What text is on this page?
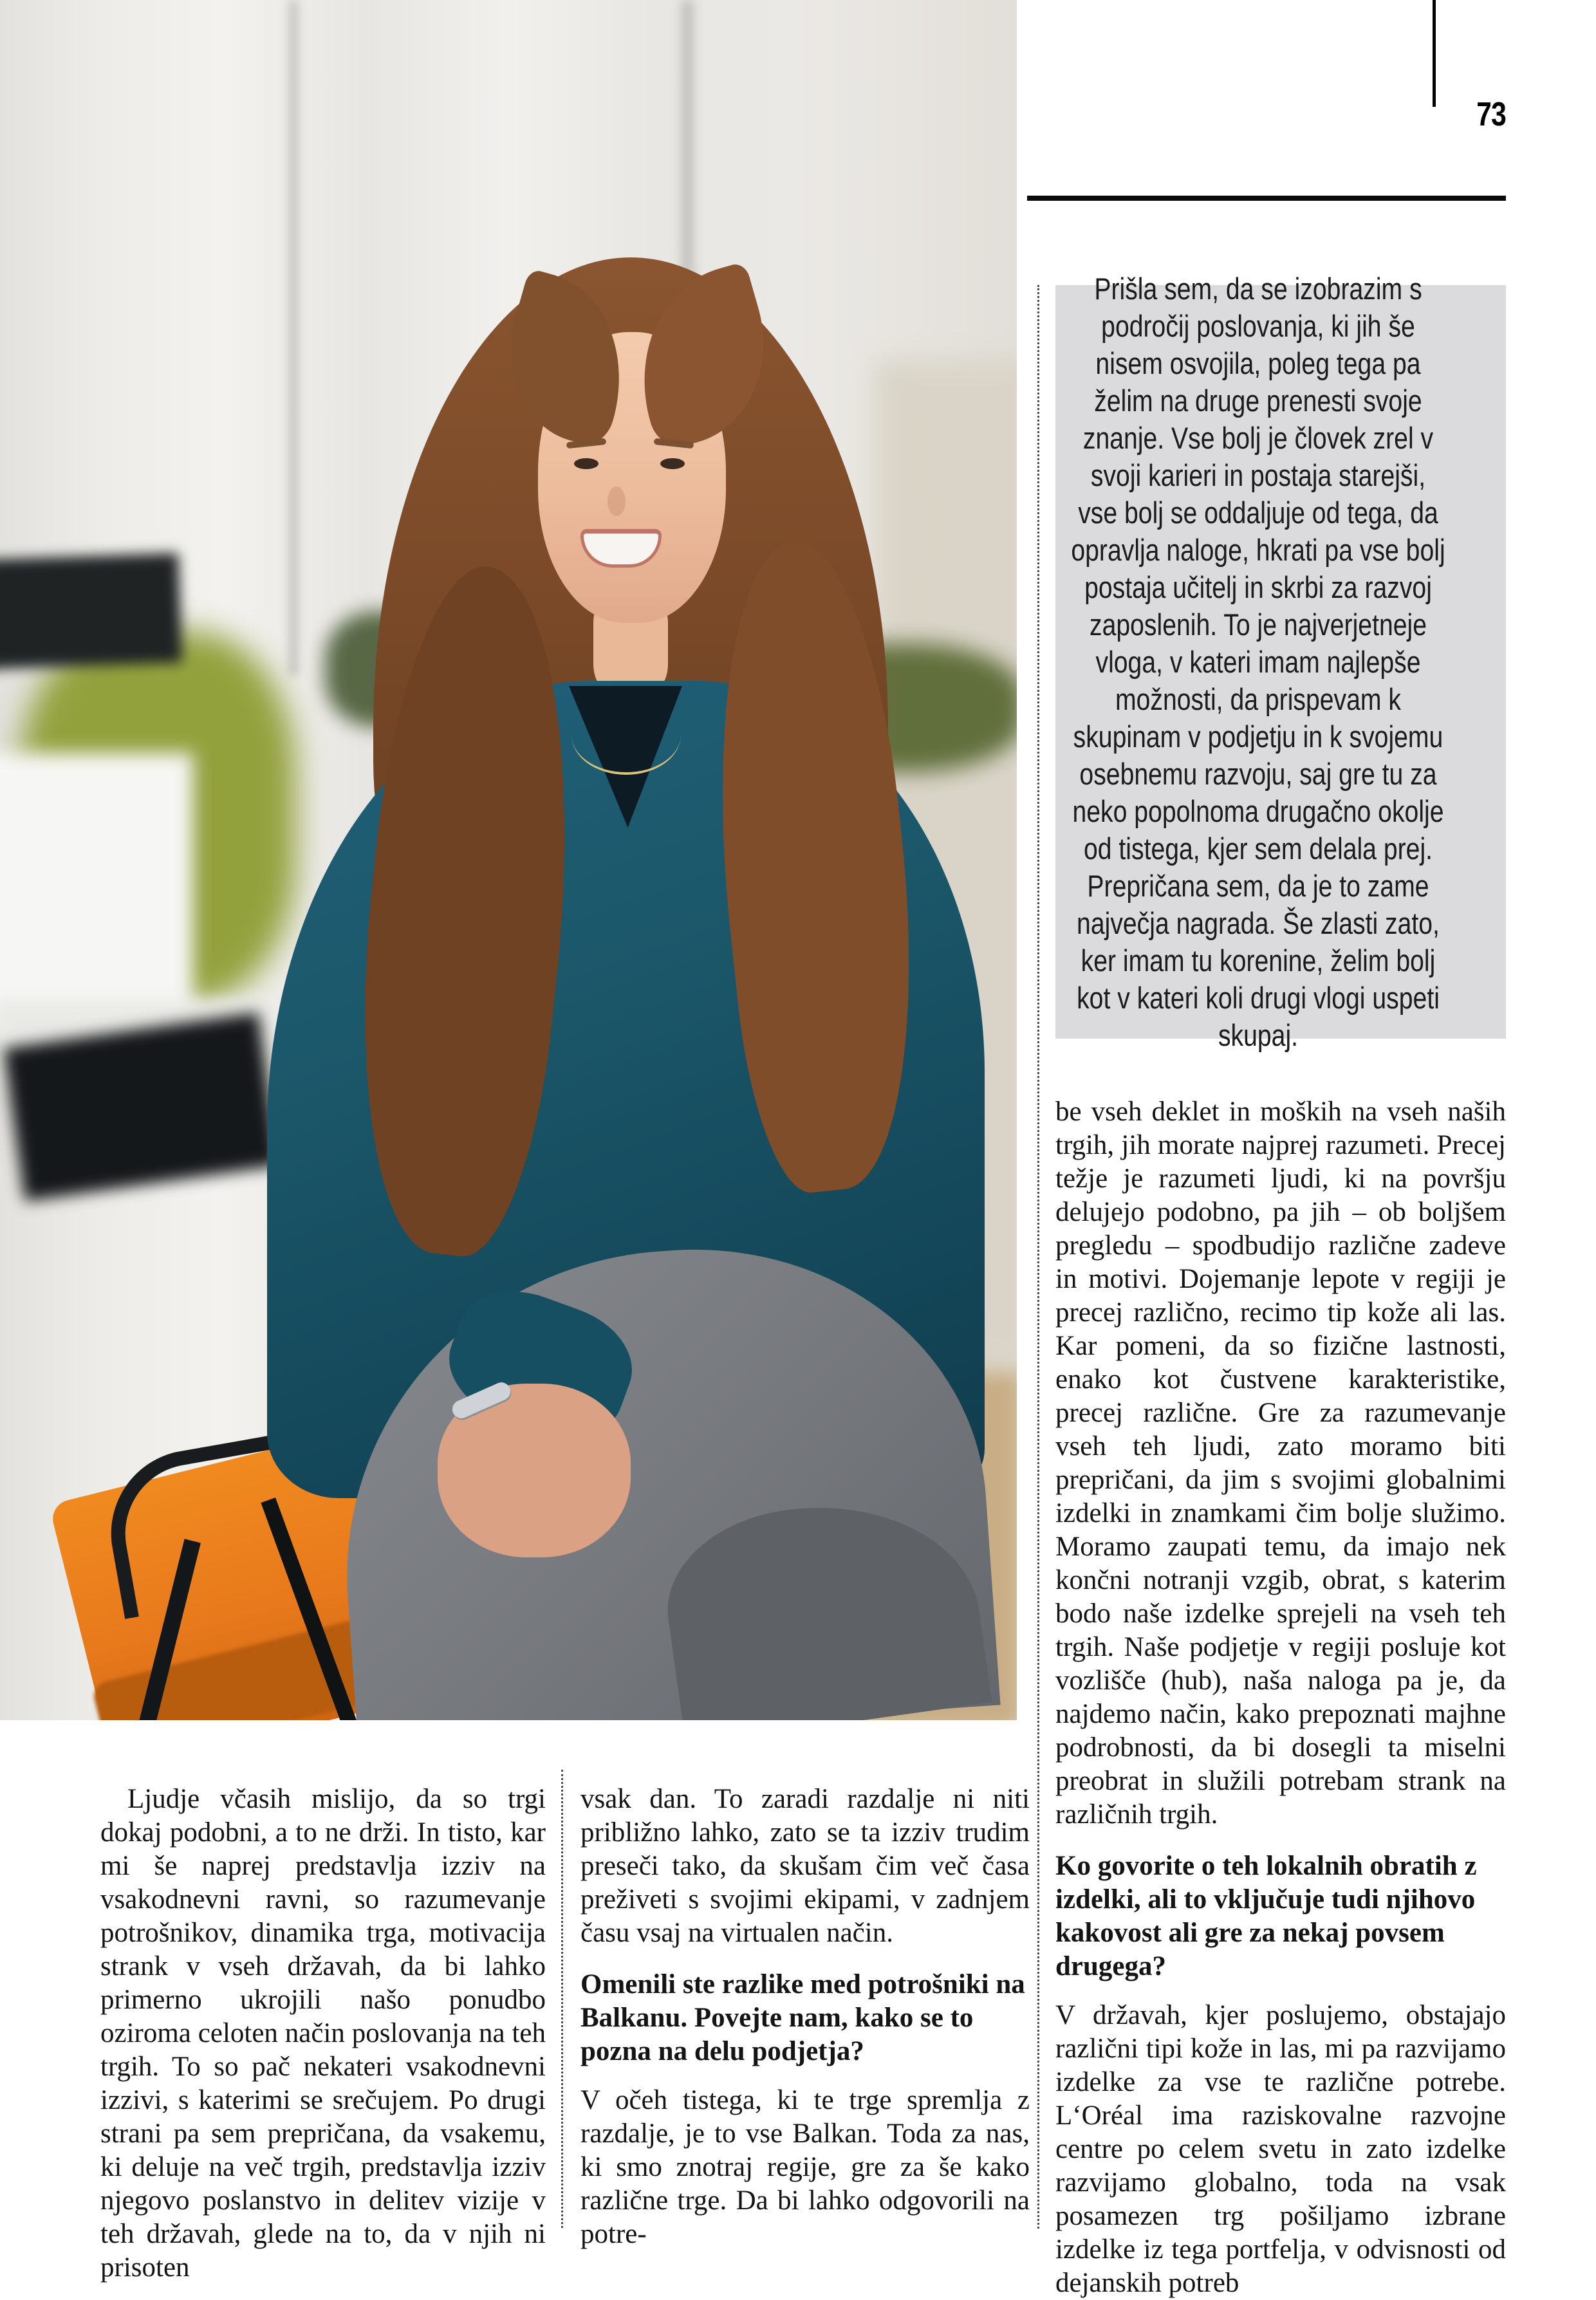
73
Prišla sem, da se izobrazim s področij poslovanja, ki jih še nisem osvojila, poleg tega pa želim na druge prenesti svoje znanje. Vse bolj je človek zrel v svoji karieri in postaja starejši, vse bolj se oddaljuje od tega, da opravlja naloge, hkrati pa vse bolj postaja učitelj in skrbi za razvoj zaposlenih. To je najverjetneje vloga, v kateri imam najlepše možnosti, da prispevam k skupinam v podjetju in k svojemu osebnemu razvoju, saj gre tu za neko popolnoma drugačno okolje od tistega, kjer sem delala prej. Prepričana sem, da je to zame največja nagrada. Še zlasti zato, ker imam tu korenine, želim bolj kot v kateri koli drugi vlogi uspeti skupaj.

Ljudje včasih mislijo, da so trgi dokaj podobni, a to ne drži. In tisto, kar mi še naprej predstavlja izziv na vsakodnevni ravni, so razumevanje potrošnikov, dinamika trga, motivacija strank v vseh državah, da bi lahko primerno ukrojili našo ponudbo oziroma celoten način poslovanja na teh trgih. To so pač nekateri vsakodnevni izzivi, s katerimi se srečujem. Po drugi strani pa sem prepričana, da vsakemu, ki deluje na več trgih, predstavlja izziv njegovo poslanstvo in delitev vizije v teh državah, glede na to, da v njih ni prisoten

vsak dan. To zaradi razdalje ni niti približno lahko, zato se ta izziv trudim preseči tako, da skušam čim več časa preživeti s svojimi ekipami, v zadnjem času vsaj na virtualen način.

Omenili ste razlike med potrošniki na Balkanu. Povejte nam, kako se to pozna na delu podjetja?

V očeh tistega, ki te trge spremlja z razdalje, je to vse Balkan. Toda za nas, ki smo znotraj regije, gre za še kako različne trge. Da bi lahko odgovorili na potre-

be vseh deklet in moških na vseh naših trgih, jih morate najprej razumeti. Precej težje je razumeti ljudi, ki na površju delujejo podobno, pa jih – ob boljšem pregledu – spodbudijo različne zadeve in motivi. Dojemanje lepote v regiji je precej različno, recimo tip kože ali las. Kar pomeni, da so fizične lastnosti, enako kot čustvene karakteristike, precej različne. Gre za razumevanje vseh teh ljudi, zato moramo biti prepričani, da jim s svojimi globalnimi izdelki in znamkami čim bolje služimo. Moramo zaupati temu, da imajo nek končni notranji vzgib, obrat, s katerim bodo naše izdelke sprejeli na vseh teh trgih. Naše podjetje v regiji posluje kot vozlišče (hub), naša naloga pa je, da najdemo način, kako prepoznati majhne podrobnosti, da bi dosegli ta miselni preobrat in služili potrebam strank na različnih trgih.

Ko govorite o teh lokalnih obratih z izdelki, ali to vključuje tudi njihovo kakovost ali gre za nekaj povsem drugega?

V državah, kjer poslujemo, obstajajo različni tipi kože in las, mi pa razvijamo izdelke za vse te različne potrebe. L‘Oréal ima raziskovalne razvojne centre po celem svetu in zato izdelke razvijamo globalno, toda na vsak posamezen trg pošiljamo izbrane izdelke iz tega portfelja, v odvisnosti od dejanskih potreb
